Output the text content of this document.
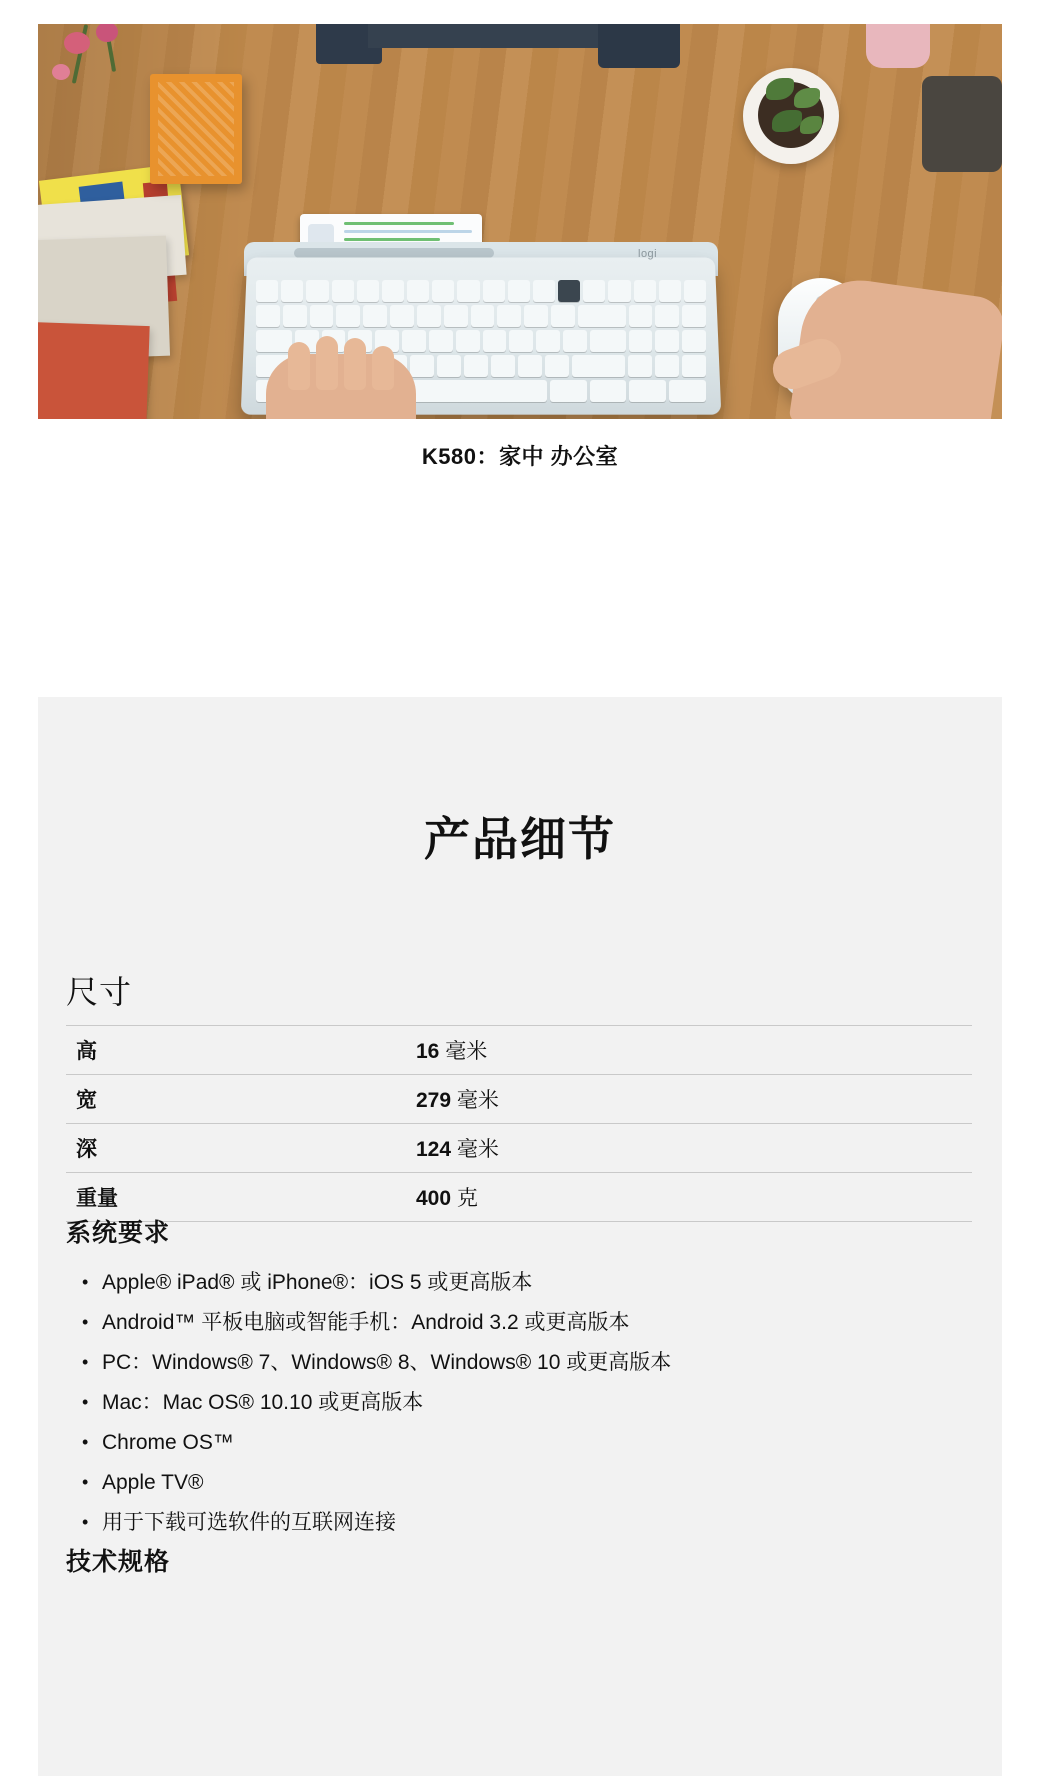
logi
K580：家中 办公室
产品细节
尺寸
高	16 毫米
宽	279 毫米
深	124 毫米
重量	400 克
系统要求
• Apple® iPad® 或 iPhone®：iOS 5 或更高版本
• Android™ 平板电脑或智能手机：Android 3.2 或更高版本
• PC：Windows® 7、Windows® 8、Windows® 10 或更高版本
• Mac：Mac OS® 10.10 或更高版本
• Chrome OS™
• Apple TV®
• 用于下载可选软件的互联网连接
技术规格
